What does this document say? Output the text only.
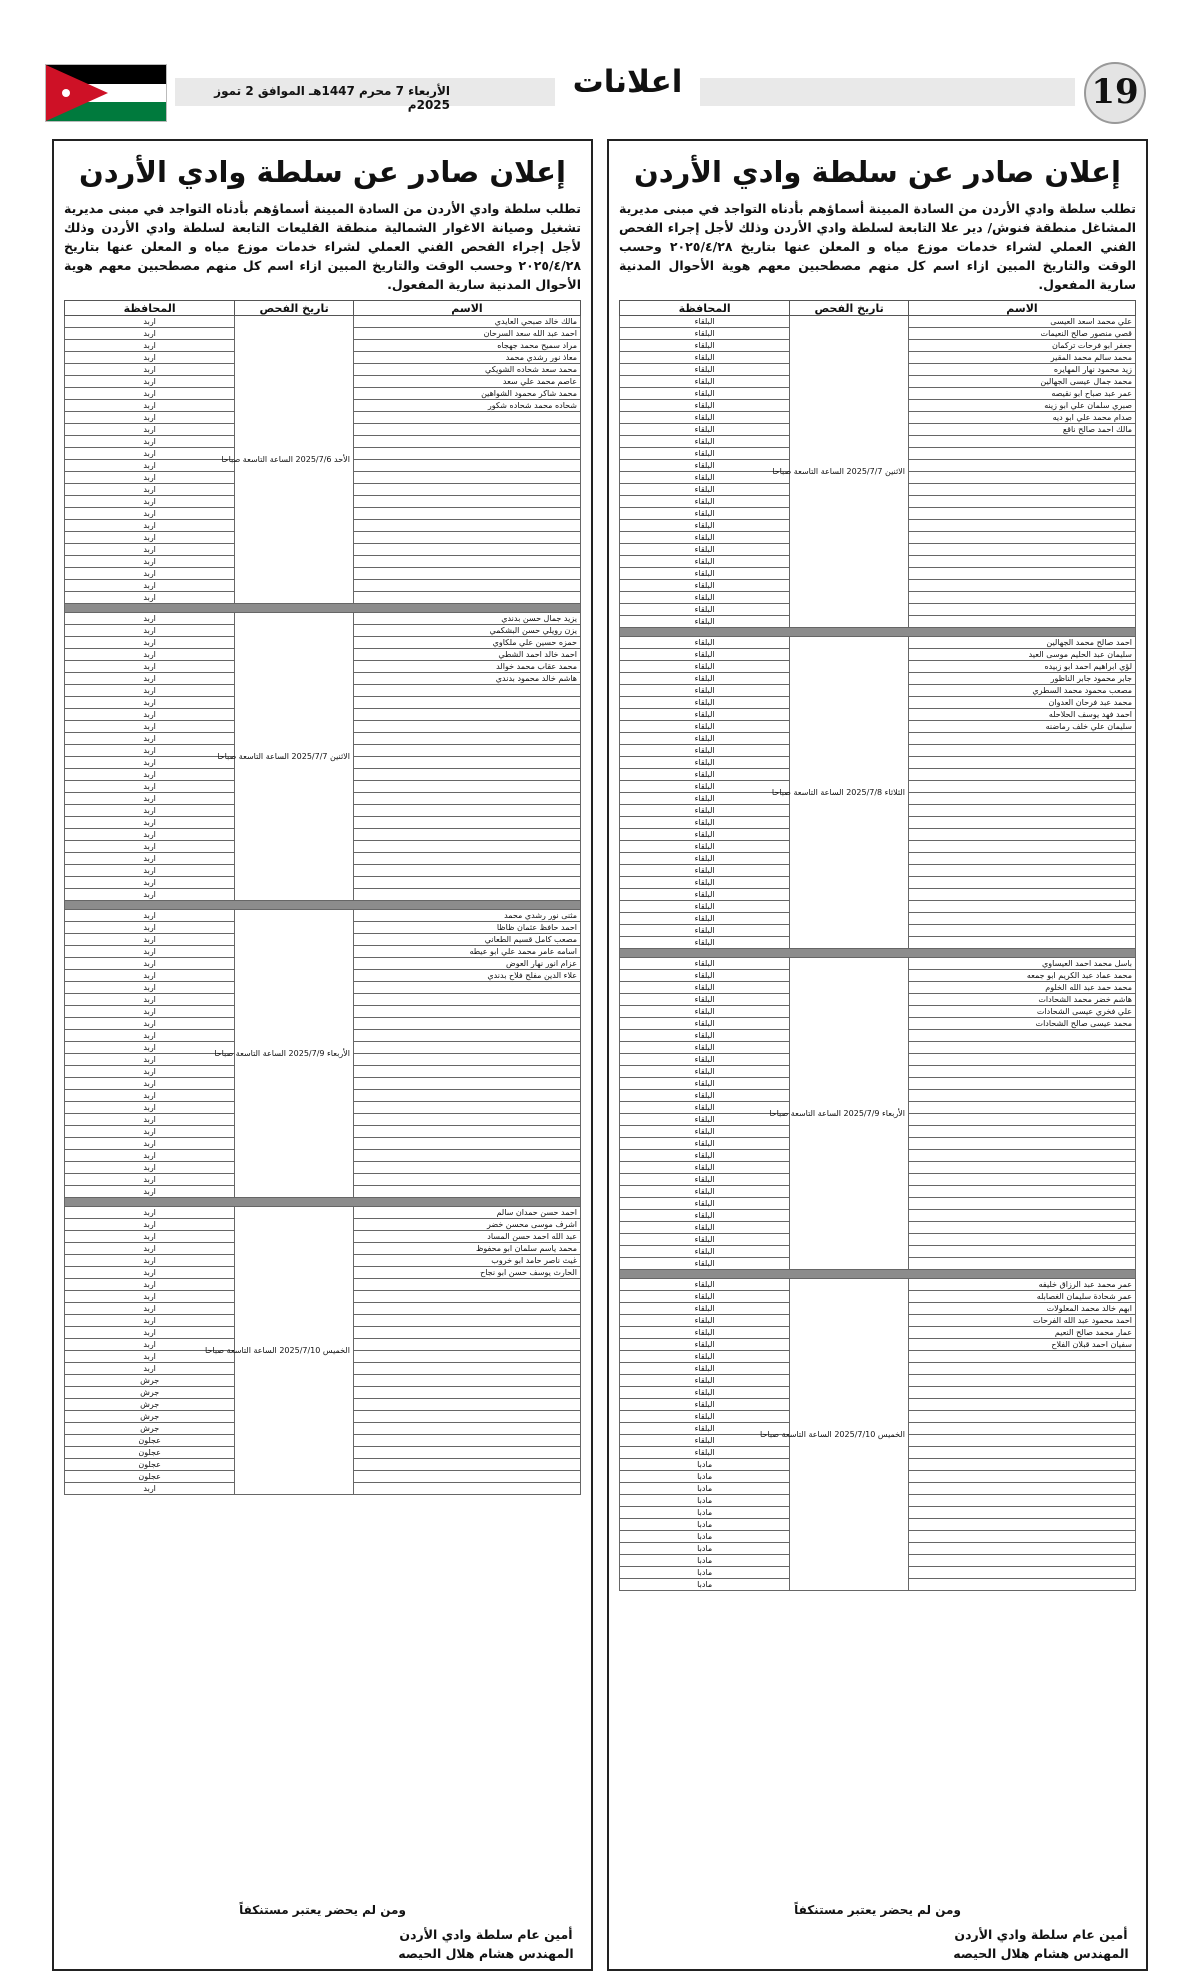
19
اعلانات
الأربعاء 7 محرم 1447هـ الموافق 2 تموز 2025م
إعلان صادر عن سلطة وادي الأردن
تطلب سلطة وادي الأردن من السادة المبينة أسماؤهم بأدناه التواجد في مبنى مديرية المشاغل منطقة فنوش/ دير علا التابعة لسلطة وادي الأردن وذلك لأجل إجراء الفحص الفني العملي لشراء خدمات موزع مياه و المعلن عنها بتاريخ ٢٠٢٥/٤/٢٨ وحسب الوقت والتاريخ المبين ازاء اسم كل منهم مصطحبين معهم هوية الأحوال المدنية سارية المفعول.
الاسم	تاريخ الفحص	المحافظة
علي محمد اسعد العيسى	الاثنين 2025/7/7 الساعة التاسعة صباحا	البلقاء
قصي منصور صالح النعيمات		البلقاء
جعفر ابو فرحات تركمان		البلقاء
محمد سالم محمد المقير		البلقاء
زيد محمود نهار المهايره		البلقاء
محمد جمال عيسى الجهالين		البلقاء
عمر عبد صباح ابو نقيصه		البلقاء
صبري سلمان علي ابو زينه		البلقاء
صدام محمد علي ابو ديه		البلقاء
مالك احمد صالح ناقع		البلقاء
		البلقاء
		البلقاء
		البلقاء
		البلقاء
		البلقاء
		البلقاء
		البلقاء
		البلقاء
		البلقاء
		البلقاء
		البلقاء
		البلقاء
		البلقاء
		البلقاء
		البلقاء
		البلقاء

احمد صالح محمد الجهالين	الثلاثاء 2025/7/8 الساعة التاسعة صباحا	البلقاء
سليمان عبد الحليم موسى العيد		البلقاء
لؤي ابراهيم احمد ابو زبيده		البلقاء
جابر محمود جابر الناظور		البلقاء
مصعب محمود محمد السطري		البلقاء
محمد عبد فرحان العدوان		البلقاء
احمد فهد يوسف الحلاحله		البلقاء
سليمان علي خلف رماضنه		البلقاء
		البلقاء
		البلقاء
		البلقاء
		البلقاء
		البلقاء
		البلقاء
		البلقاء
		البلقاء
		البلقاء
		البلقاء
		البلقاء
		البلقاء
		البلقاء
		البلقاء
		البلقاء
		البلقاء
		البلقاء
		البلقاء

باسل محمد احمد العيساوي	الأربعاء 2025/7/9 الساعة التاسعة صباحا	البلقاء
محمد عماد عبد الكريم ابو جمعه		البلقاء
محمد حمد عبد الله الخلوم		البلقاء
هاشم خضر محمد الشحادات		البلقاء
علي فخري عيسى الشحادات		البلقاء
محمد عيسى صالح الشحادات		البلقاء
		البلقاء
		البلقاء
		البلقاء
		البلقاء
		البلقاء
		البلقاء
		البلقاء
		البلقاء
		البلقاء
		البلقاء
		البلقاء
		البلقاء
		البلقاء
		البلقاء
		البلقاء
		البلقاء
		البلقاء
		البلقاء
		البلقاء
		البلقاء

عمر محمد عبد الرزاق خليفه	الخميس 2025/7/10 الساعة التاسعة صباحا	البلقاء
عمر شحادة سليمان الغصابله		البلقاء
ابهم خالد محمد المعلولات		البلقاء
احمد محمود عبد الله الفرحات		البلقاء
عمار محمد صالح النعيم		البلقاء
سفيان احمد قبلان الفلاح		البلقاء
		البلقاء
		البلقاء
		البلقاء
		البلقاء
		البلقاء
		البلقاء
		البلقاء
		البلقاء
		البلقاء
		مادبا
		مادبا
		مادبا
		مادبا
		مادبا
		مادبا
		مادبا
		مادبا
		مادبا
		مادبا
		مادبا
ومن لم يحضر يعتبر مستنكفاً
أمين عام سلطة وادي الأردن
المهندس هشام هلال الحيصه
إعلان صادر عن سلطة وادي الأردن
تطلب سلطة وادي الأردن من السادة المبينة أسماؤهم بأدناه التواجد في مبنى مديرية تشغيل وصيانة الاغوار الشمالية منطقة القليعات التابعة لسلطة وادي الأردن وذلك لأجل إجراء الفحص الفني العملي لشراء خدمات موزع مياه و المعلن عنها بتاريخ ٢٠٢٥/٤/٢٨ وحسب الوقت والتاريخ المبين ازاء اسم كل منهم مصطحبين معهم هوية الأحوال المدنية سارية المفعول.
الاسم	تاريخ الفحص	المحافظة
مالك خالد صبحي العايدي	الأحد 2025/7/6 الساعة التاسعة صباحا	اربد
احمد عبد الله سعد السرحان		اربد
مراد سميح محمد جهجاه		اربد
معاذ نور رشدي محمد		اربد
محمد سعد شحاده الشويكي		اربد
عاصم محمد علي سعد		اربد
محمد شاكر محمود الشواهين		اربد
شحاده محمد شحاده شكور		اربد
		اربد
		اربد
		اربد
		اربد
		اربد
		اربد
		اربد
		اربد
		اربد
		اربد
		اربد
		اربد
		اربد
		اربد
		اربد
		اربد

يزيد جمال حسن بدندي	الاثنين 2025/7/7 الساعة التاسعة صباحا	اربد
يزن رويلي حسن البشكمي		اربد
حمزه حسين علي ملكاوي		اربد
احمد خالد احمد الشطي		اربد
محمد عقاب محمد خوالد		اربد
هاشم خالد محمود بدندي		اربد
		اربد
		اربد
		اربد
		اربد
		اربد
		اربد
		اربد
		اربد
		اربد
		اربد
		اربد
		اربد
		اربد
		اربد
		اربد
		اربد
		اربد
		اربد

مثنى نور رشدي محمد	الأربعاء 2025/7/9 الساعة التاسعة صباحا	اربد
احمد حافظ عثمان ظاظا		اربد
مصعب كامل قسيم الطعاني		اربد
اسامه عامر محمد علي ابو عيطه		اربد
عزام انور نهار العوض		اربد
علاء الدين مفلح فلاح بدندي		اربد
		اربد
		اربد
		اربد
		اربد
		اربد
		اربد
		اربد
		اربد
		اربد
		اربد
		اربد
		اربد
		اربد
		اربد
		اربد
		اربد
		اربد
		اربد

احمد حسن حمدان سالم	الخميس 2025/7/10 الساعة التاسعة صباحا	اربد
اشرف موسى محسن خضر		اربد
عبد الله احمد حسن المساد		اربد
محمد ياسم سلمان ابو محفوظ		اربد
غيث ناصر حامد ابو خروب		اربد
الحارث يوسف حسن ابو نجاح		اربد
		اربد
		اربد
		اربد
		اربد
		اربد
		اربد
		اربد
		اربد
		جرش
		جرش
		جرش
		جرش
		جرش
		عجلون
		عجلون
		عجلون
		عجلون
		اربد
ومن لم يحضر يعتبر مستنكفاً
أمين عام سلطة وادي الأردن
المهندس هشام هلال الحيصه
